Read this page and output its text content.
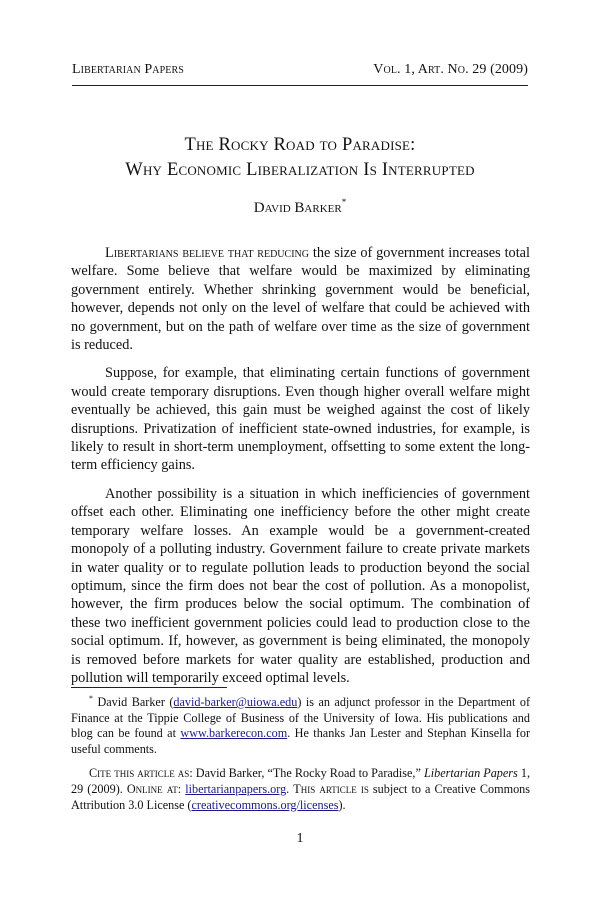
Libertarian Papers	Vol. 1, Art. No. 29 (2009)
The Rocky Road to Paradise:
Why Economic Liberalization Is Interrupted
David Barker*

Libertarians believe that reducing the size of government increases total welfare. Some believe that welfare would be maximized by eliminating government entirely. Whether shrinking government would be beneficial, however, depends not only on the level of welfare that could be achieved with no government, but on the path of welfare over time as the size of government is reduced.

Suppose, for example, that eliminating certain functions of government would create temporary disruptions. Even though higher overall welfare might eventually be achieved, this gain must be weighed against the cost of likely disruptions. Privatization of inefficient state-owned industries, for example, is likely to result in short-term unemployment, offsetting to some extent the long-term efficiency gains.

Another possibility is a situation in which inefficiencies of government offset each other. Eliminating one inefficiency before the other might create temporary welfare losses. An example would be a government-created monopoly of a polluting industry. Government failure to create private markets in water quality or to regulate pollution leads to production beyond the social optimum, since the firm does not bear the cost of pollution. As a monopolist, however, the firm produces below the social optimum. The combination of these two inefficient government policies could lead to production close to the social optimum. If, however, as government is being eliminated, the monopoly is removed before markets for water quality are established, production and pollution will temporarily exceed optimal levels.

* David Barker (david-barker@uiowa.edu) is an adjunct professor in the Department of Finance at the Tippie College of Business of the University of Iowa. His publications and blog can be found at www.barkerecon.com. He thanks Jan Lester and Stephan Kinsella for useful comments.

Cite this article as: David Barker, “The Rocky Road to Paradise,” Libertarian Papers 1, 29 (2009). Online at: libertarianpapers.org. This article is subject to a Creative Commons Attribution 3.0 License (creativecommons.org/licenses).

1
